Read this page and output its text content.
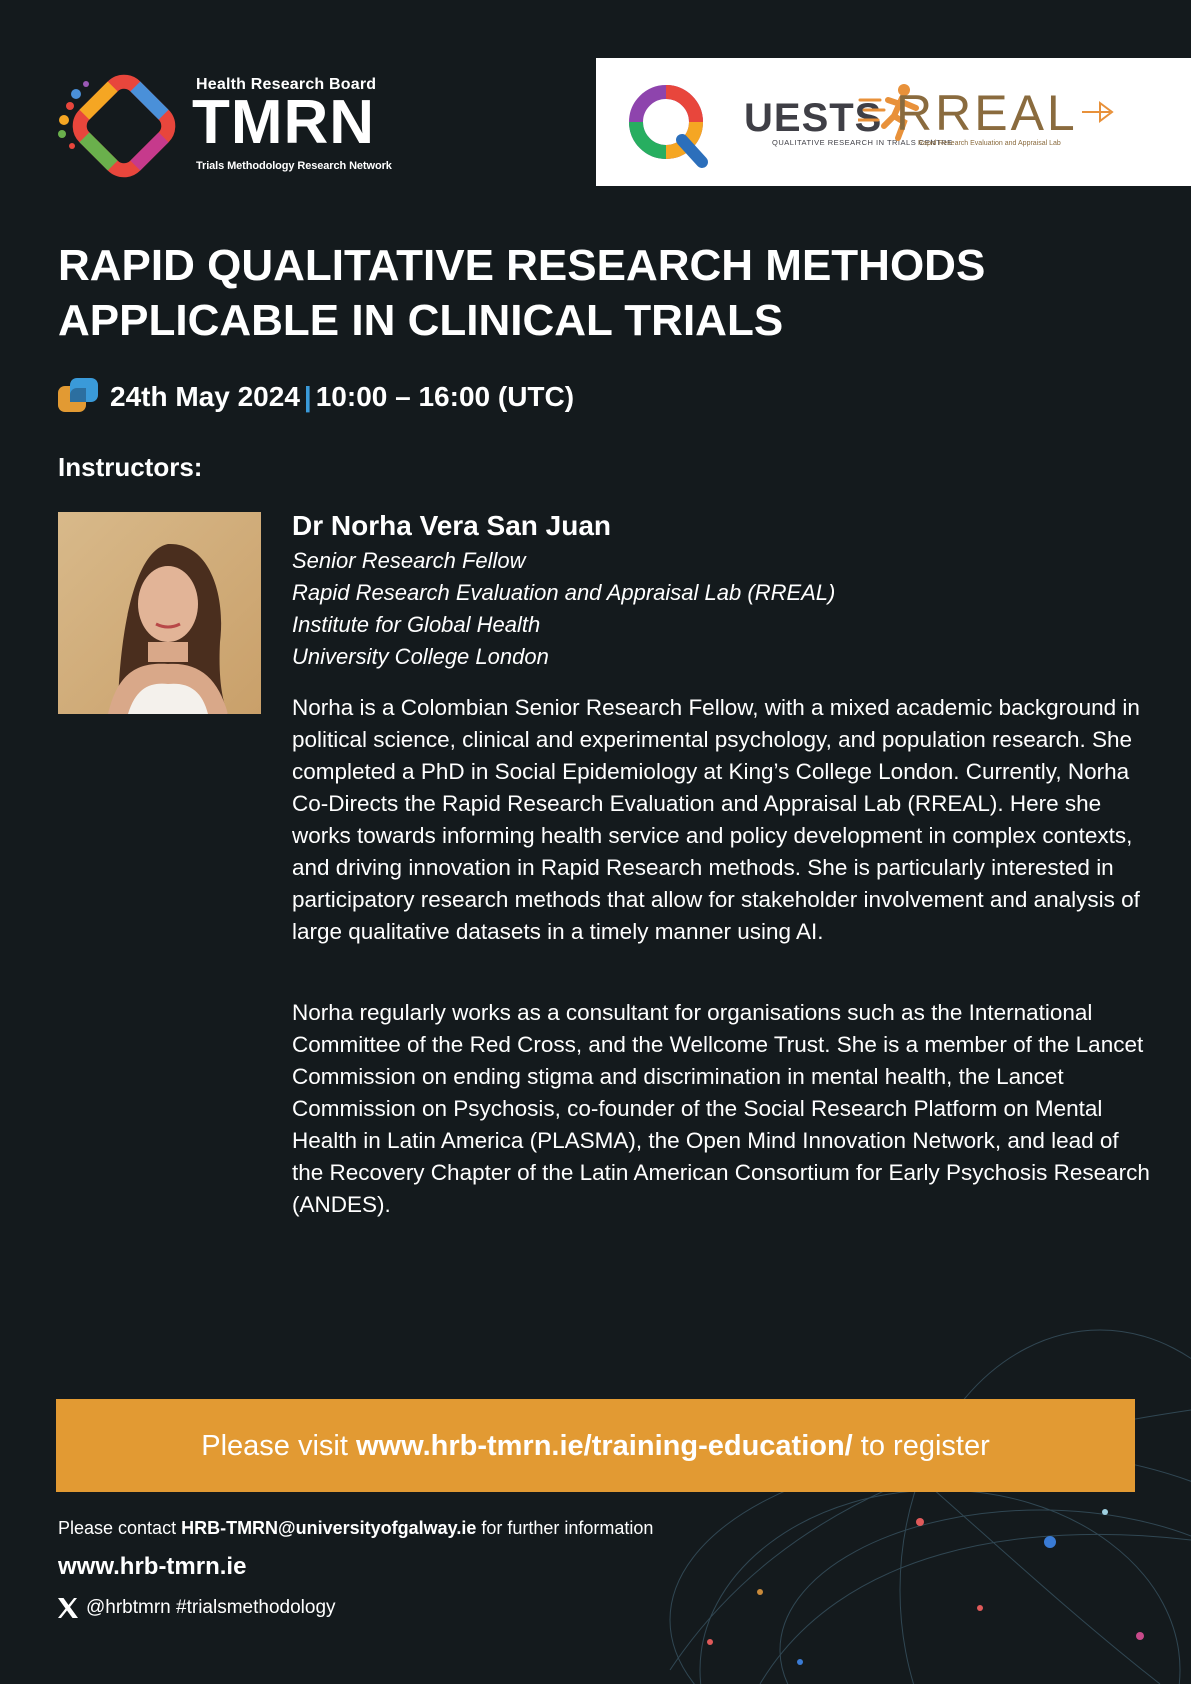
Health Research Board
TMRN
Trials Methodology Research Network
UESTS
QUALITATIVE RESEARCH IN TRIALS CENTRE
RREAL
Rapid Research Evaluation and Appraisal Lab
RAPID QUALITATIVE RESEARCH METHODS
APPLICABLE IN CLINICAL TRIALS
24th May 2024 | 10:00 – 16:00 (UTC)
Instructors:
Dr Norha Vera San Juan
Senior Research Fellow
Rapid Research Evaluation and Appraisal Lab (RREAL)
Institute for Global Health
University College London

Norha is a Colombian Senior Research Fellow, with a mixed academic background in political science, clinical and experimental psychology, and population research. She completed a PhD in Social Epidemiology at King’s College London. Currently, Norha Co-Directs the Rapid Research Evaluation and Appraisal Lab (RREAL). Here she works towards informing health service and policy development in complex contexts, and driving innovation in Rapid Research methods. She is particularly interested in participatory research methods that allow for stakeholder involvement and analysis of large qualitative datasets in a timely manner using AI.

Norha regularly works as a consultant for organisations such as the International Committee of the Red Cross, and the Wellcome Trust. She is a member of the Lancet Commission on ending stigma and discrimination in mental health, the Lancet Commission on Psychosis, co-founder of the Social Research Platform on Mental Health in Latin America (PLASMA), the Open Mind Innovation Network, and lead of the Recovery Chapter of the Latin American Consortium for Early Psychosis Research (ANDES).

Please visit www.hrb-tmrn.ie/training-education/ to register
Please contact HRB-TMRN@universityofgalway.ie for further information
www.hrb-tmrn.ie
@hrbtmrn #trialsmethodology
